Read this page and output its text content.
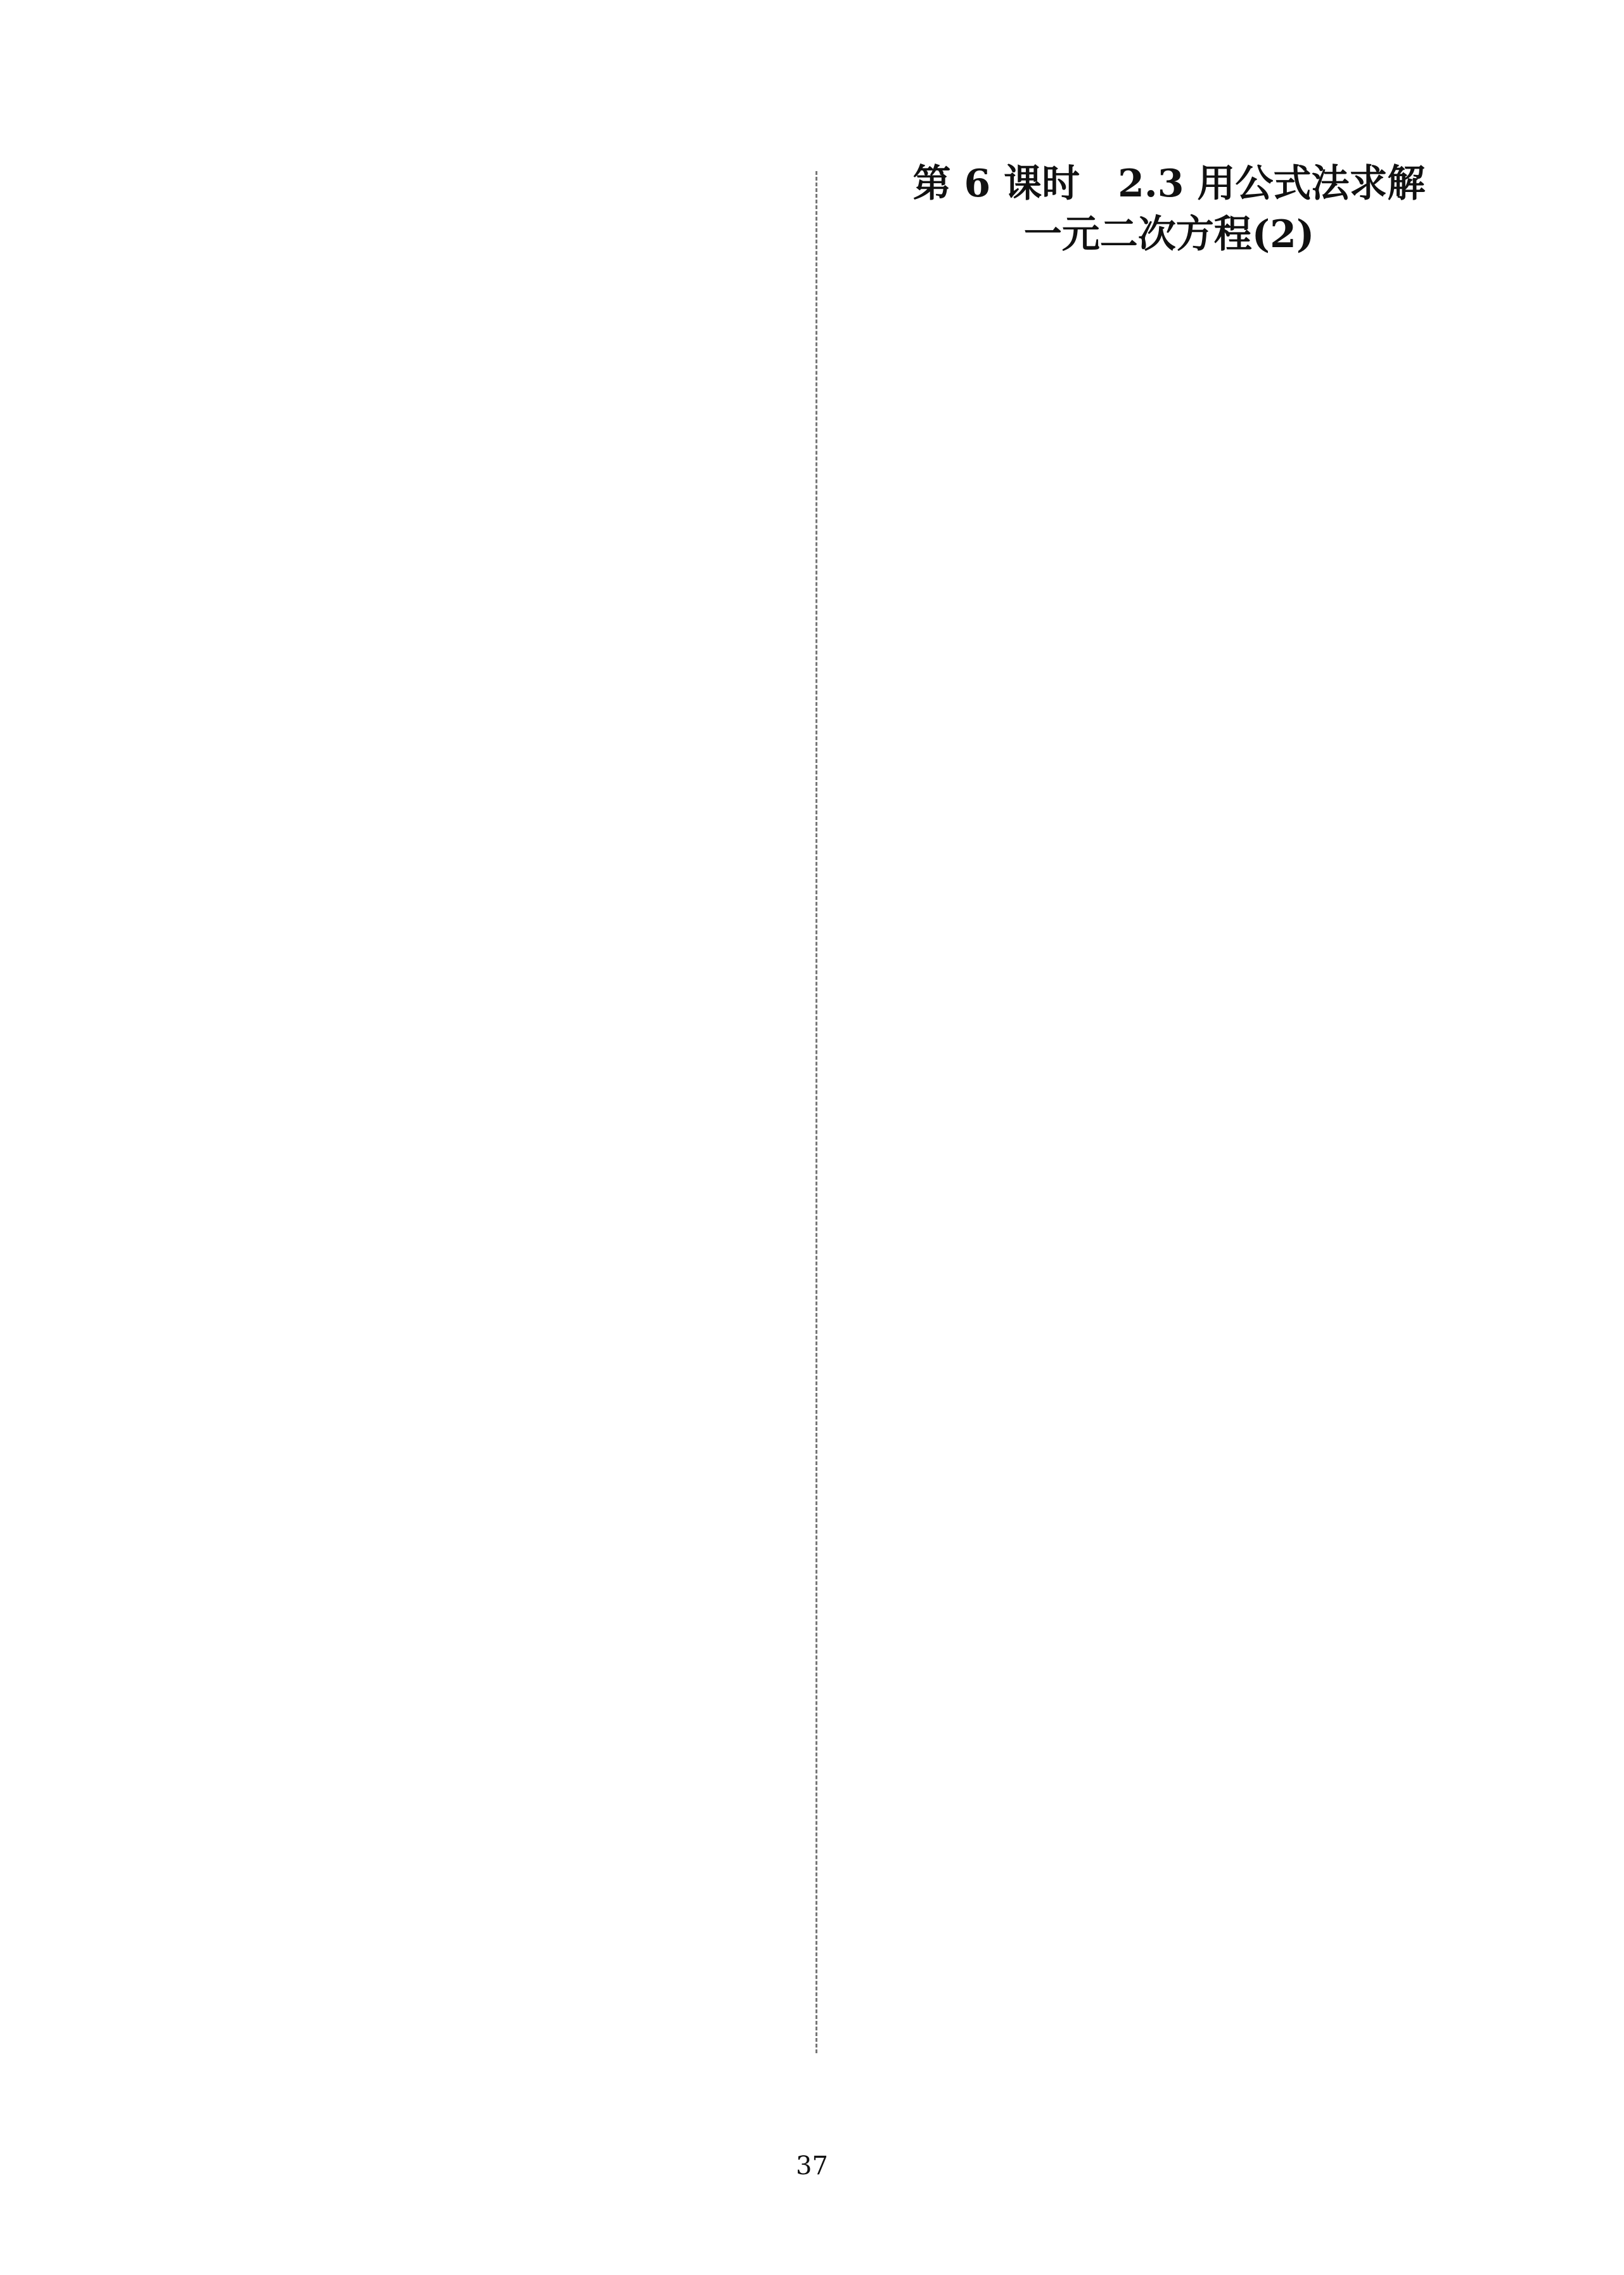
第 6 课时　2.3 用公式法求解
一元二次方程(2)
37
